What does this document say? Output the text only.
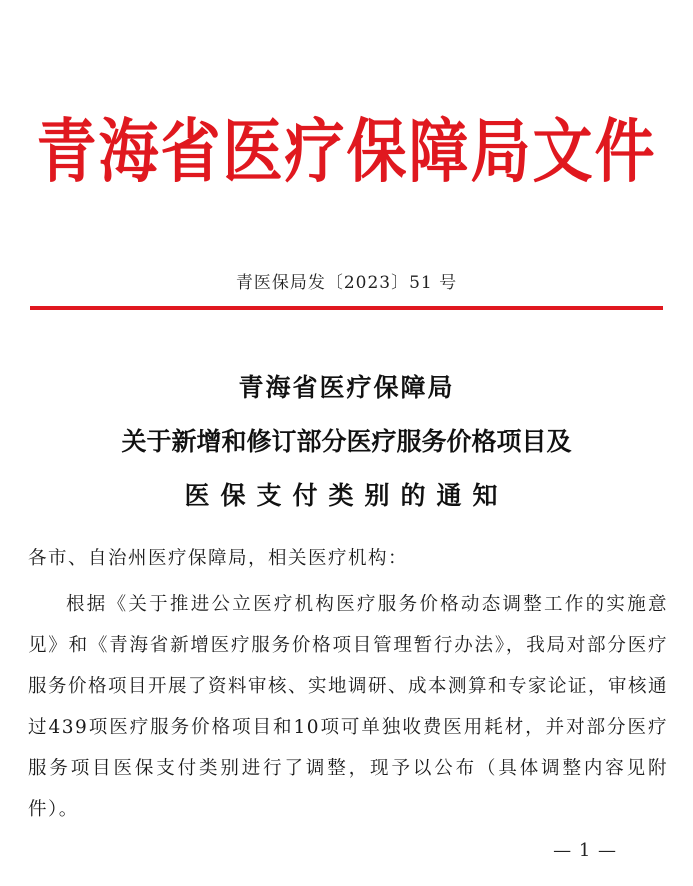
青海省医疗保障局文件
青医保局发〔2023〕51 号
青海省医疗保障局
关于新增和修订部分医疗服务价格项目及
医保支付类别的通知
各市、自治州医疗保障局，相关医疗机构：
根据《关于推进公立医疗机构医疗服务价格动态调整工作的实施意见》和《青海省新增医疗服务价格项目管理暂行办法》，我局对部分医疗服务价格项目开展了资料审核、实地调研、成本测算和专家论证，审核通过439项医疗服务价格项目和10项可单独收费医用耗材，并对部分医疗服务项目医保支付类别进行了调整，现予以公布（具体调整内容见附件）。
— 1 —
